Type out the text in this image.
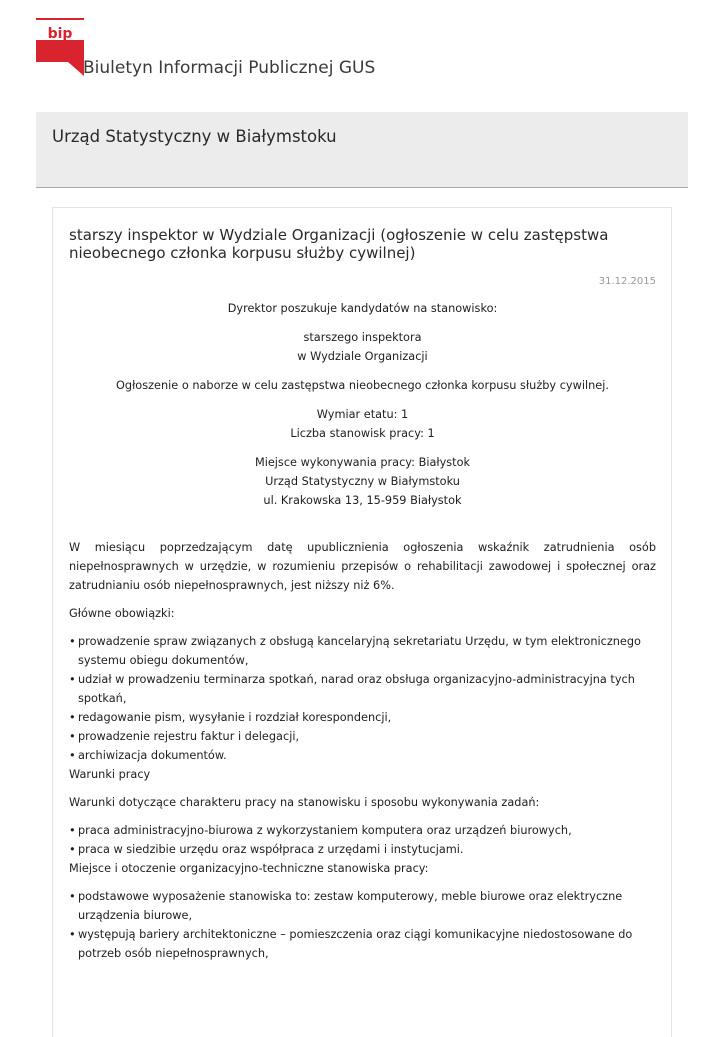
bip
Biuletyn Informacji Publicznej GUS
Urząd Statystyczny w Białymstoku
starszy inspektor w Wydziale Organizacji (ogłoszenie w celu zastępstwa nieobecnego członka korpusu służby cywilnej)
31.12.2015

Dyrektor poszukuje kandydatów na stanowisko:

starszego inspektora

w Wydziale Organizacji

Ogłoszenie o naborze w celu zastępstwa nieobecnego członka korpusu służby cywilnej.

Wymiar etatu: 1

Liczba stanowisk pracy: 1

Miejsce wykonywania pracy: Białystok

Urząd Statystyczny w Białymstoku

ul. Krakowska 13, 15-959 Białystok

W miesiącu poprzedzającym datę upublicznienia ogłoszenia wskaźnik zatrudnienia osób niepełnosprawnych w urzędzie, w rozumieniu przepisów o rehabilitacji zawodowej i społecznej oraz zatrudnianiu osób niepełnosprawnych, jest niższy niż 6%.

Główne obowiązki:

• prowadzenie spraw związanych z obsługą kancelaryjną sekretariatu Urzędu, w tym elektronicznego systemu obiegu dokumentów,
• udział w prowadzeniu terminarza spotkań, narad oraz obsługa organizacyjno-administracyjna tych spotkań,
• redagowanie pism, wysyłanie i rozdział korespondencji,
• prowadzenie rejestru faktur i delegacji,
• archiwizacja dokumentów.

Warunki pracy

Warunki dotyczące charakteru pracy na stanowisku i sposobu wykonywania zadań:

• praca administracyjno-biurowa z wykorzystaniem komputera oraz urządzeń biurowych,
• praca w siedzibie urzędu oraz współpraca z urzędami i instytucjami.

Miejsce i otoczenie organizacyjno-techniczne stanowiska pracy:

• podstawowe wyposażenie stanowiska to: zestaw komputerowy, meble biurowe oraz elektryczne urządzenia biurowe,
• występują bariery architektoniczne – pomieszczenia oraz ciągi komunikacyjne niedostosowane do potrzeb osób niepełnosprawnych,
